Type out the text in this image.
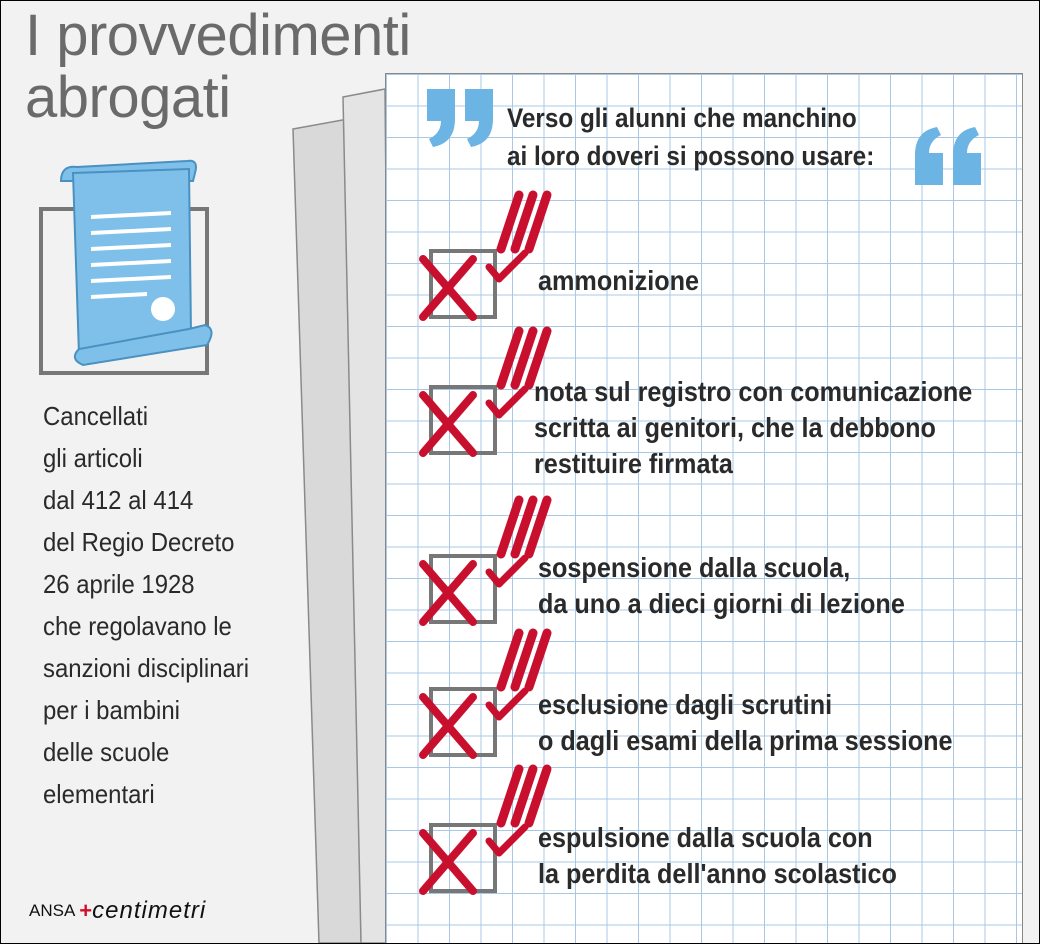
I provvedimenti
abrogati
Cancellati
gli articoli
dal 412 al 414
del Regio Decreto
26 aprile 1928
che regolavano le
sanzioni disciplinari
per i bambini
delle scuole
elementari
Verso gli alunni che manchino
ai loro doveri si possono usare:
ammonizione
nota sul registro con comunicazione
scritta ai genitori, che la debbono
restituire firmata
sospensione dalla scuola,
da uno a dieci giorni di lezione
esclusione dagli scrutini
o dagli esami della prima sessione
espulsione dalla scuola con
la perdita dell'anno scolastico
ANSA + centimetri
